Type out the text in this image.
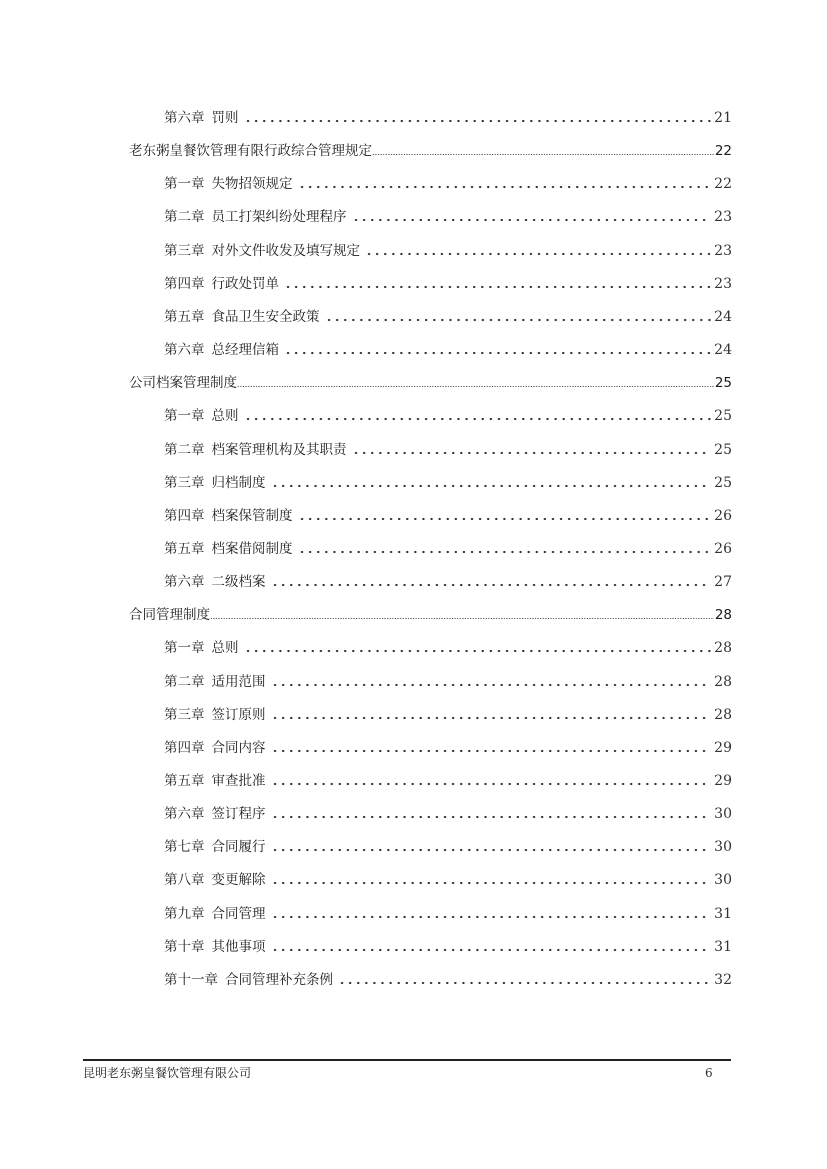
第六章 罚则	21
老东粥皇餐饮管理有限行政综合管理规定	22
第一章 失物招领规定	22
第二章 员工打架纠纷处理程序	23
第三章 对外文件收发及填写规定	23
第四章 行政处罚单	23
第五章 食品卫生安全政策	24
第六章 总经理信箱	24
公司档案管理制度	25
第一章 总则	25
第二章 档案管理机构及其职责	25
第三章 归档制度	25
第四章 档案保管制度	26
第五章 档案借阅制度	26
第六章 二级档案	27
合同管理制度	28
第一章 总则	28
第二章 适用范围	28
第三章 签订原则	28
第四章 合同内容	29
第五章 审查批准	29
第六章 签订程序	30
第七章 合同履行	30
第八章 变更解除	30
第九章 合同管理	31
第十章 其他事项	31
第十一章 合同管理补充条例	32
昆明老东粥皇餐饮管理有限公司	6
